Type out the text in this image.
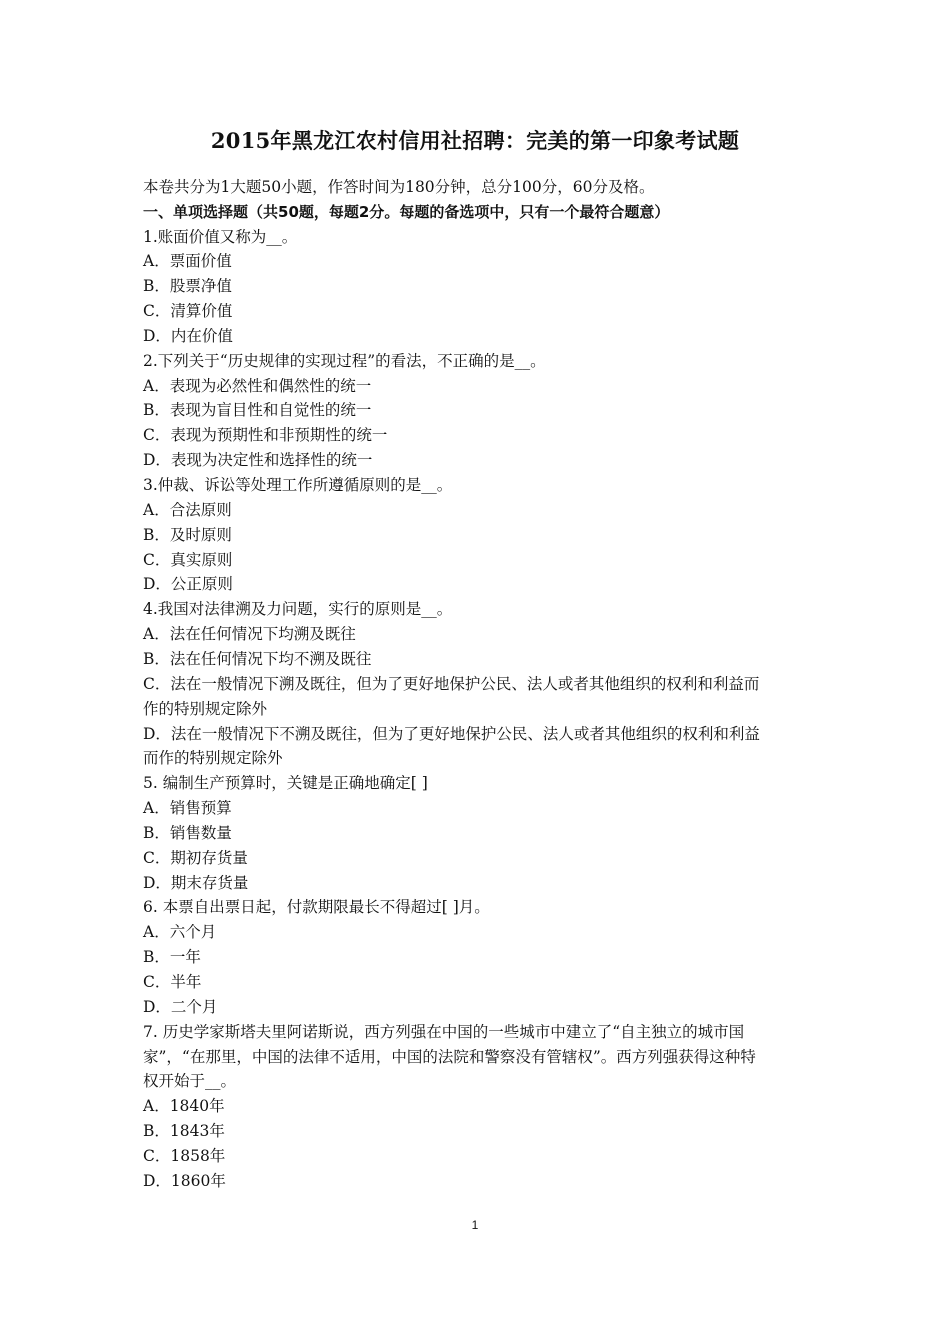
2015年黑龙江农村信用社招聘：完美的第一印象考试题
本卷共分为1大题50小题，作答时间为180分钟，总分100分，60分及格。
一、单项选择题（共50题，每题2分。每题的备选项中，只有一个最符合题意）
1.账面价值又称为__。
A．票面价值
B．股票净值
C．清算价值
D．内在价值
2.下列关于“历史规律的实现过程”的看法，不正确的是__。
A．表现为必然性和偶然性的统一
B．表现为盲目性和自觉性的统一
C．表现为预期性和非预期性的统一
D．表现为决定性和选择性的统一
3.仲裁、诉讼等处理工作所遵循原则的是__。
A．合法原则
B．及时原则
C．真实原则
D．公正原则
4.我国对法律溯及力问题，实行的原则是__。
A．法在任何情况下均溯及既往
B．法在任何情况下均不溯及既往
C．法在一般情况下溯及既往，但为了更好地保护公民、法人或者其他组织的权利和利益而
作的特别规定除外
D．法在一般情况下不溯及既往，但为了更好地保护公民、法人或者其他组织的权利和利益
而作的特别规定除外
5. 编制生产预算时，关键是正确地确定[ ]
A．销售预算
B．销售数量
C．期初存货量
D．期末存货量
6. 本票自出票日起，付款期限最长不得超过[ ]月。
A．六个月
B．一年
C．半年
D．二个月
7. 历史学家斯塔夫里阿诺斯说，西方列强在中国的一些城市中建立了“自主独立的城市国
家”，“在那里，中国的法律不适用，中国的法院和警察没有管辖权”。西方列强获得这种特
权开始于__。
A．1840年
B．1843年
C．1858年
D．1860年
1
